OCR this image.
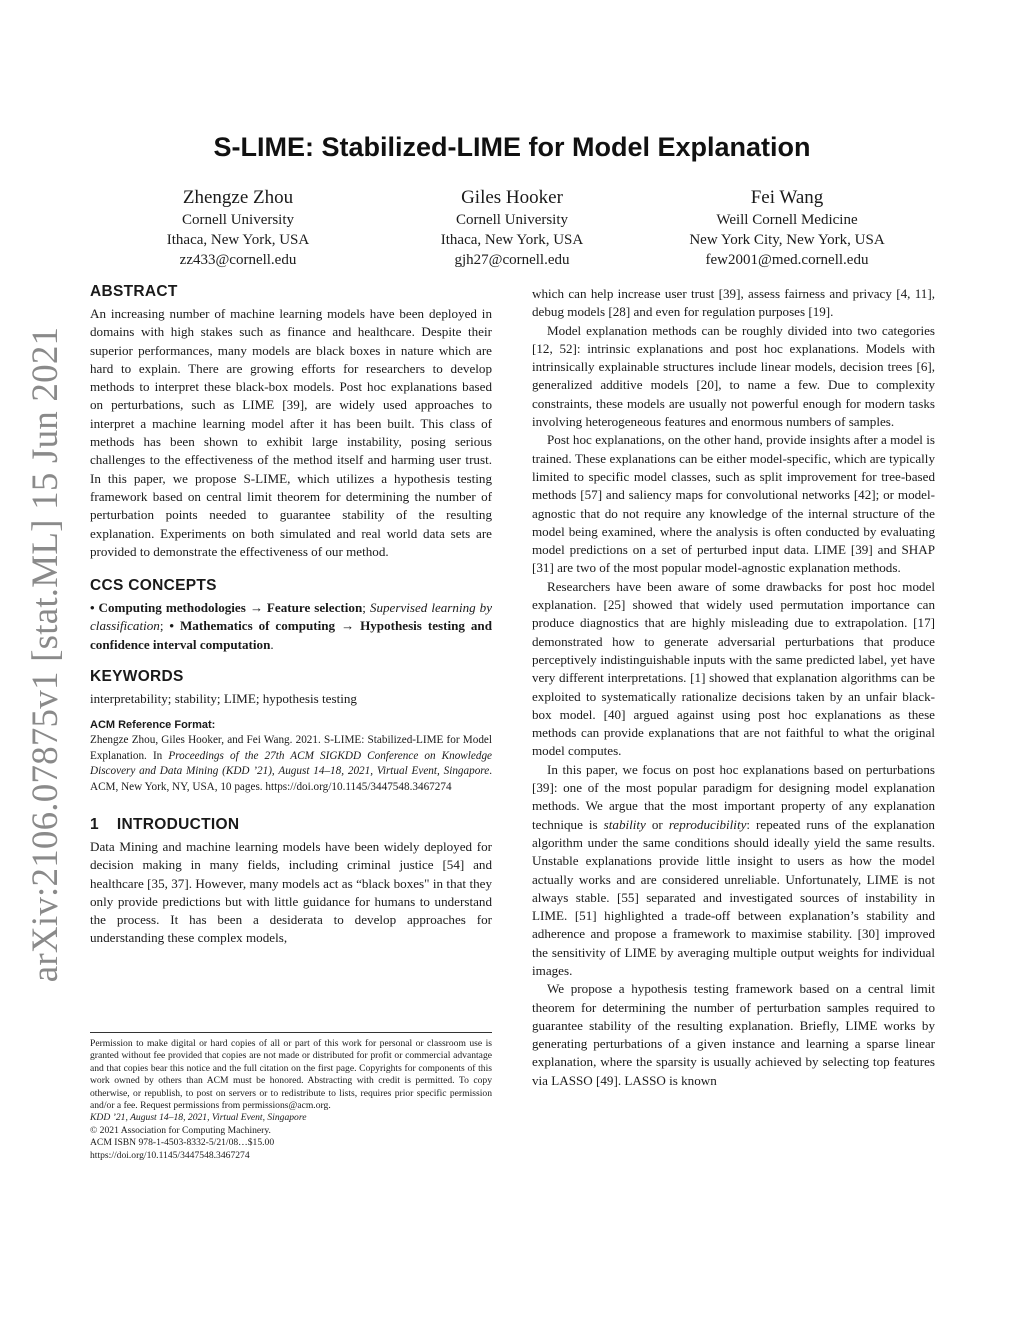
arXiv:2106.07875v1 [stat.ML] 15 Jun 2021
S-LIME: Stabilized-LIME for Model Explanation
Zhengze Zhou
Cornell University
Ithaca, New York, USA
zz433@cornell.edu
Giles Hooker
Cornell University
Ithaca, New York, USA
gjh27@cornell.edu
Fei Wang
Weill Cornell Medicine
New York City, New York, USA
few2001@med.cornell.edu
ABSTRACT

An increasing number of machine learning models have been deployed in domains with high stakes such as finance and healthcare. Despite their superior performances, many models are black boxes in nature which are hard to explain. There are growing efforts for researchers to develop methods to interpret these black-box models. Post hoc explanations based on perturbations, such as LIME [39], are widely used approaches to interpret a machine learning model after it has been built. This class of methods has been shown to exhibit large instability, posing serious challenges to the effectiveness of the method itself and harming user trust. In this paper, we propose S-LIME, which utilizes a hypothesis testing framework based on central limit theorem for determining the number of perturbation points needed to guarantee stability of the resulting explanation. Experiments on both simulated and real world data sets are provided to demonstrate the effectiveness of our method.

CCS CONCEPTS

• Computing methodologies → Feature selection; Supervised learning by classification; • Mathematics of computing → Hypothesis testing and confidence interval computation.

KEYWORDS

interpretability; stability; LIME; hypothesis testing

ACM Reference Format:

Zhengze Zhou, Giles Hooker, and Fei Wang. 2021. S-LIME: Stabilized-LIME for Model Explanation. In Proceedings of the 27th ACM SIGKDD Conference on Knowledge Discovery and Data Mining (KDD ’21), August 14–18, 2021, Virtual Event, Singapore. ACM, New York, NY, USA, 10 pages. https://doi.org/10.1145/3447548.3467274

1 INTRODUCTION

Data Mining and machine learning models have been widely deployed for decision making in many fields, including criminal justice [54] and healthcare [35, 37]. However, many models act as “black boxes" in that they only provide predictions but with little guidance for humans to understand the process. It has been a desiderata to develop approaches for understanding these complex models,

Permission to make digital or hard copies of all or part of this work for personal or classroom use is granted without fee provided that copies are not made or distributed for profit or commercial advantage and that copies bear this notice and the full citation on the first page. Copyrights for components of this work owned by others than ACM must be honored. Abstracting with credit is permitted. To copy otherwise, or republish, to post on servers or to redistribute to lists, requires prior specific permission and/or a fee. Request permissions from permissions@acm.org.

KDD ’21, August 14–18, 2021, Virtual Event, Singapore

© 2021 Association for Computing Machinery.

ACM ISBN 978-1-4503-8332-5/21/08…$15.00

https://doi.org/10.1145/3447548.3467274

which can help increase user trust [39], assess fairness and privacy [4, 11], debug models [28] and even for regulation purposes [19].

Model explanation methods can be roughly divided into two categories [12, 52]: intrinsic explanations and post hoc explanations. Models with intrinsically explainable structures include linear models, decision trees [6], generalized additive models [20], to name a few. Due to complexity constraints, these models are usually not powerful enough for modern tasks involving heterogeneous features and enormous numbers of samples.

Post hoc explanations, on the other hand, provide insights after a model is trained. These explanations can be either model-specific, which are typically limited to specific model classes, such as split improvement for tree-based methods [57] and saliency maps for convolutional networks [42]; or model-agnostic that do not require any knowledge of the internal structure of the model being examined, where the analysis is often conducted by evaluating model predictions on a set of perturbed input data. LIME [39] and SHAP [31] are two of the most popular model-agnostic explanation methods.

Researchers have been aware of some drawbacks for post hoc model explanation. [25] showed that widely used permutation importance can produce diagnostics that are highly misleading due to extrapolation. [17] demonstrated how to generate adversarial perturbations that produce perceptively indistinguishable inputs with the same predicted label, yet have very different interpretations. [1] showed that explanation algorithms can be exploited to systematically rationalize decisions taken by an unfair black-box model. [40] argued against using post hoc explanations as these methods can provide explanations that are not faithful to what the original model computes.

In this paper, we focus on post hoc explanations based on perturbations [39]: one of the most popular paradigm for designing model explanation methods. We argue that the most important property of any explanation technique is stability or reproducibility: repeated runs of the explanation algorithm under the same conditions should ideally yield the same results. Unstable explanations provide little insight to users as how the model actually works and are considered unreliable. Unfortunately, LIME is not always stable. [55] separated and investigated sources of instability in LIME. [51] highlighted a trade-off between explanation’s stability and adherence and propose a framework to maximise stability. [30] improved the sensitivity of LIME by averaging multiple output weights for individual images.

We propose a hypothesis testing framework based on a central limit theorem for determining the number of perturbation samples required to guarantee stability of the resulting explanation. Briefly, LIME works by generating perturbations of a given instance and learning a sparse linear explanation, where the sparsity is usually achieved by selecting top features via LASSO [49]. LASSO is known
